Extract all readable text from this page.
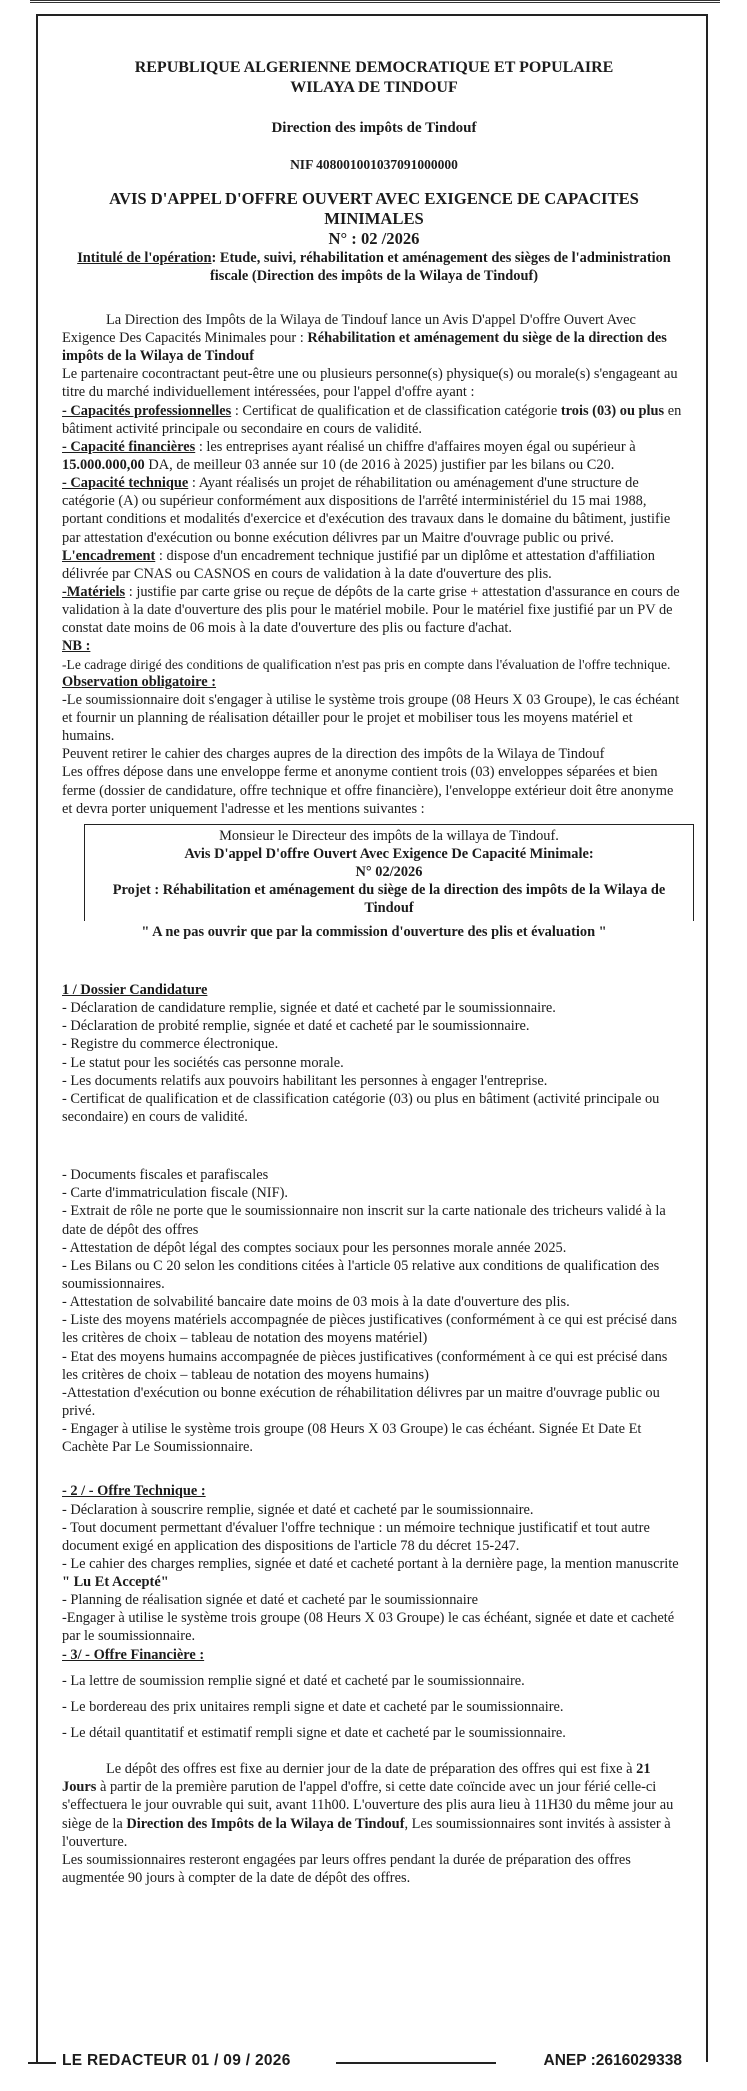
REPUBLIQUE ALGERIENNE DEMOCRATIQUE ET POPULAIRE
WILAYA DE TINDOUF
Direction des impôts de Tindouf
NIF 408001001037091000000
AVIS D'APPEL D'OFFRE OUVERT AVEC EXIGENCE DE CAPACITES MINIMALES
N° : 02 /2026

Intitulé de l'opération: Etude, suivi, réhabilitation et aménagement des sièges de l'administration fiscale (Direction des impôts de la Wilaya de Tindouf)

La Direction des Impôts de la Wilaya de Tindouf lance un Avis D'appel D'offre Ouvert Avec Exigence Des Capacités Minimales pour : Réhabilitation et aménagement du siège de la direction des impôts de la Wilaya de Tindouf

Le partenaire cocontractant peut-être une ou plusieurs personne(s) physique(s) ou morale(s) s'engageant au titre du marché individuellement intéressées, pour l'appel d'offre ayant :

- Capacités professionnelles : Certificat de qualification et de classification catégorie trois (03) ou plus en bâtiment activité principale ou secondaire en cours de validité.

- Capacité financières : les entreprises ayant réalisé un chiffre d'affaires moyen égal ou supérieur à 15.000.000,00 DA, de meilleur 03 année sur 10 (de 2016 à 2025) justifier par les bilans ou C20.

- Capacité technique : Ayant réalisés un projet de réhabilitation ou aménagement d'une structure de catégorie (A) ou supérieur conformément aux dispositions de l'arrêté interministériel du 15 mai 1988, portant conditions et modalités d'exercice et d'exécution des travaux dans le domaine du bâtiment, justifie par attestation d'exécution ou bonne exécution délivres par un Maitre d'ouvrage public ou privé.

L'encadrement : dispose d'un encadrement technique justifié par un diplôme et attestation d'affiliation délivrée par CNAS ou CASNOS en cours de validation à la date d'ouverture des plis.

-Matériels : justifie par carte grise ou reçue de dépôts de la carte grise + attestation d'assurance en cours de validation à la date d'ouverture des plis pour le matériel mobile. Pour le matériel fixe justifié par un PV de constat date moins de 06 mois à la date d'ouverture des plis ou facture d'achat.

NB :

-Le cadrage dirigé des conditions de qualification n'est pas pris en compte dans l'évaluation de l'offre technique.

Observation obligatoire :

-Le soumissionnaire doit s'engager à utilise le système trois groupe (08 Heurs X 03 Groupe), le cas échéant et fournir un planning de réalisation détailler pour le projet et mobiliser tous les moyens matériel et humains.

Peuvent retirer le cahier des charges aupres de la direction des impôts de la Wilaya de Tindouf

Les offres dépose dans une enveloppe ferme et anonyme contient trois (03) enveloppes séparées et bien ferme (dossier de candidature, offre technique et offre financière), l'enveloppe extérieur doit être anonyme et devra porter uniquement l'adresse et les mentions suivantes :

Monsieur le Directeur des impôts de la willaya de Tindouf.

Avis D'appel D'offre Ouvert Avec Exigence De Capacité Minimale:

N° 02/2026

Projet : Réhabilitation et aménagement du siège de la direction des impôts de la Wilaya de Tindouf

" A ne pas ouvrir que par la commission d'ouverture des plis et évaluation "

1 / Dossier Candidature

- Déclaration de candidature remplie, signée et daté et cacheté par le soumissionnaire.

- Déclaration de probité remplie, signée et daté et cacheté par le soumissionnaire.

- Registre du commerce électronique.

- Le statut pour les sociétés cas personne morale.

- Les documents relatifs aux pouvoirs habilitant les personnes à engager l'entreprise.

- Certificat de qualification et de classification catégorie (03) ou plus en bâtiment (activité principale ou secondaire) en cours de validité.

- Documents fiscales et parafiscales

- Carte d'immatriculation fiscale (NIF).

- Extrait de rôle ne porte que le soumissionnaire non inscrit sur la carte nationale des tricheurs validé à la date de dépôt des offres

- Attestation de dépôt légal des comptes sociaux pour les personnes morale année 2025.

- Les Bilans ou C 20 selon les conditions citées à l'article 05 relative aux conditions de qualification des soumissionnaires.

- Attestation de solvabilité bancaire date moins de 03 mois à la date d'ouverture des plis.

- Liste des moyens matériels accompagnée de pièces justificatives (conformément à ce qui est précisé dans les critères de choix – tableau de notation des moyens matériel)

- Etat des moyens humains accompagnée de pièces justificatives (conformément à ce qui est précisé dans les critères de choix – tableau de notation des moyens humains)

-Attestation d'exécution ou bonne exécution de réhabilitation délivres par un maitre d'ouvrage public ou privé.

- Engager à utilise le système trois groupe (08 Heurs X 03 Groupe) le cas échéant. Signée Et Date Et Cachète Par Le Soumissionnaire.

- 2 / - Offre Technique :

- Déclaration à souscrire remplie, signée et daté et cacheté par le soumissionnaire.

- Tout document permettant d'évaluer l'offre technique : un mémoire technique justificatif et tout autre document exigé en application des dispositions de l'article 78 du décret 15-247.

- Le cahier des charges remplies, signée et daté et cacheté portant à la dernière page, la mention manuscrite " Lu Et Accepté"

- Planning de réalisation signée et daté et cacheté par le soumissionnaire

-Engager à utilise le système trois groupe (08 Heurs X 03 Groupe) le cas échéant, signée et date et cacheté par le soumissionnaire.

- 3/ - Offre Financière :

- La lettre de soumission remplie signé et daté et cacheté par le soumissionnaire.

- Le bordereau des prix unitaires rempli signe et date et cacheté par le soumissionnaire.

- Le détail quantitatif et estimatif rempli signe et date et cacheté par le soumissionnaire.

Le dépôt des offres est fixe au dernier jour de la date de préparation des offres qui est fixe à 21 Jours à partir de la première parution de l'appel d'offre, si cette date coïncide avec un jour férié celle-ci s'effectuera le jour ouvrable qui suit, avant 11h00. L'ouverture des plis aura lieu à 11H30 du même jour au siège de la Direction des Impôts de la Wilaya de Tindouf, Les soumissionnaires sont invités à assister à l'ouverture.

Les soumissionnaires resteront engagées par leurs offres pendant la durée de préparation des offres augmentée 90 jours à compter de la date de dépôt des offres.

LE REDACTEUR 01 / 09 / 2026	ANEP :2616029338
